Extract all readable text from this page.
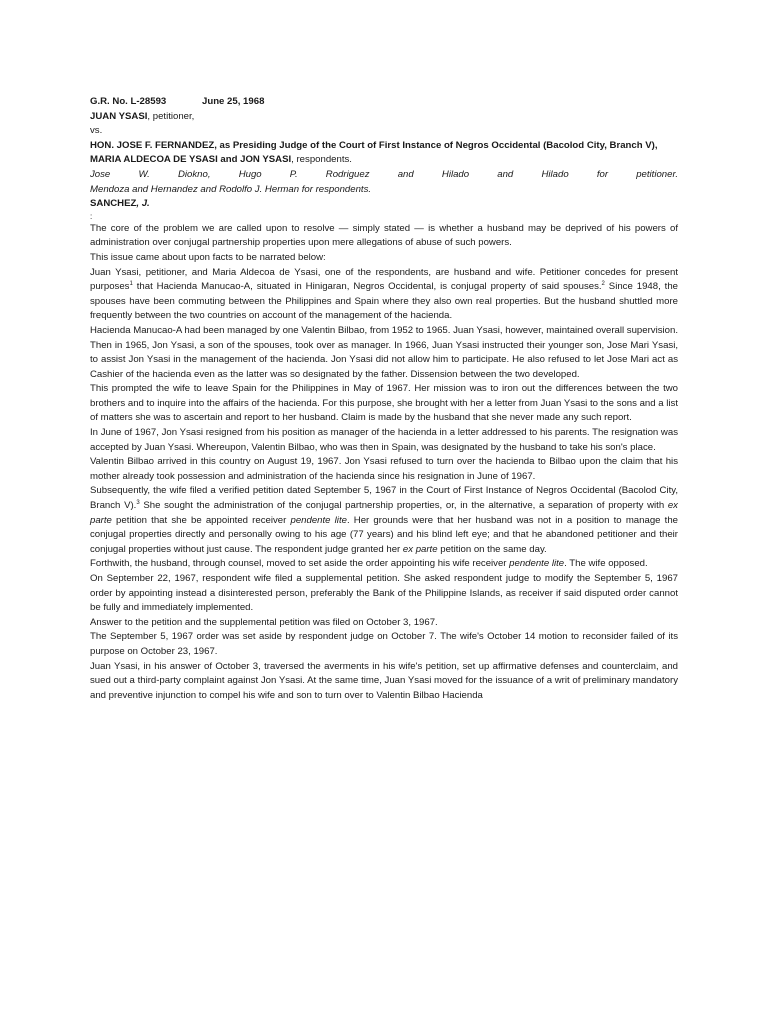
G.R. No. L-28593	June 25, 1968
JUAN YSASI, petitioner,
vs.
HON. JOSE F. FERNANDEZ, as Presiding Judge of the Court of First Instance of Negros Occidental (Bacolod City, Branch V),
MARIA ALDECOA DE YSASI and JON YSASI, respondents.
Jose	W.	Diokno,	Hugo	P.	Rodriguez	and	Hilado	and	Hilado	for	petitioner.
Mendoza and Hernandez and Rodolfo J. Herman for respondents.
SANCHEZ, J.
:

The core of the problem we are called upon to resolve — simply stated — is whether a husband may be deprived of his powers of administration over conjugal partnership properties upon mere allegations of abuse of such powers.

This issue came about upon facts to be narrated below:

Juan Ysasi, petitioner, and Maria Aldecoa de Ysasi, one of the respondents, are husband and wife. Petitioner concedes for present purposes$^1$ that Hacienda Manucao-A, situated in Hinigaran, Negros Occidental, is conjugal property of said spouses.$^2$ Since 1948, the spouses have been commuting between the Philippines and Spain where they also own real properties. But the husband shuttled more frequently between the two countries on account of the management of the hacienda.

Hacienda Manucao-A had been managed by one Valentin Bilbao, from 1952 to 1965. Juan Ysasi, however, maintained overall supervision. Then in 1965, Jon Ysasi, a son of the spouses, took over as manager. In 1966, Juan Ysasi instructed their younger son, Jose Mari Ysasi, to assist Jon Ysasi in the management of the hacienda. Jon Ysasi did not allow him to participate. He also refused to let Jose Mari act as Cashier of the hacienda even as the latter was so designated by the father. Dissension between the two developed.

This prompted the wife to leave Spain for the Philippines in May of 1967. Her mission was to iron out the differences between the two brothers and to inquire into the affairs of the hacienda. For this purpose, she brought with her a letter from Juan Ysasi to the sons and a list of matters she was to ascertain and report to her husband. Claim is made by the husband that she never made any such report.

In June of 1967, Jon Ysasi resigned from his position as manager of the hacienda in a letter addressed to his parents. The resignation was accepted by Juan Ysasi. Whereupon, Valentin Bilbao, who was then in Spain, was designated by the husband to take his son's place.

Valentin Bilbao arrived in this country on August 19, 1967. Jon Ysasi refused to turn over the hacienda to Bilbao upon the claim that his mother already took possession and administration of the hacienda since his resignation in June of 1967.

Subsequently, the wife filed a verified petition dated September 5, 1967 in the Court of First Instance of Negros Occidental (Bacolod City, Branch V).$^3$ She sought the administration of the conjugal partnership properties, or, in the alternative, a separation of property with ex parte petition that she be appointed receiver pendente lite. Her grounds were that her husband was not in a position to manage the conjugal properties directly and personally owing to his age (77 years) and his blind left eye; and that he abandoned petitioner and their conjugal properties without just cause. The respondent judge granted her ex parte petition on the same day.

Forthwith, the husband, through counsel, moved to set aside the order appointing his wife receiver pendente lite. The wife opposed.

On September 22, 1967, respondent wife filed a supplemental petition. She asked respondent judge to modify the September 5, 1967 order by appointing instead a disinterested person, preferably the Bank of the Philippine Islands, as receiver if said disputed order cannot be fully and immediately implemented.

Answer to the petition and the supplemental petition was filed on October 3, 1967.

The September 5, 1967 order was set aside by respondent judge on October 7. The wife's October 14 motion to reconsider failed of its purpose on October 23, 1967.

Juan Ysasi, in his answer of October 3, traversed the averments in his wife's petition, set up affirmative defenses and counterclaim, and sued out a third-party complaint against Jon Ysasi. At the same time, Juan Ysasi moved for the issuance of a writ of preliminary mandatory and preventive injunction to compel his wife and son to turn over to Valentin Bilbao Hacienda
